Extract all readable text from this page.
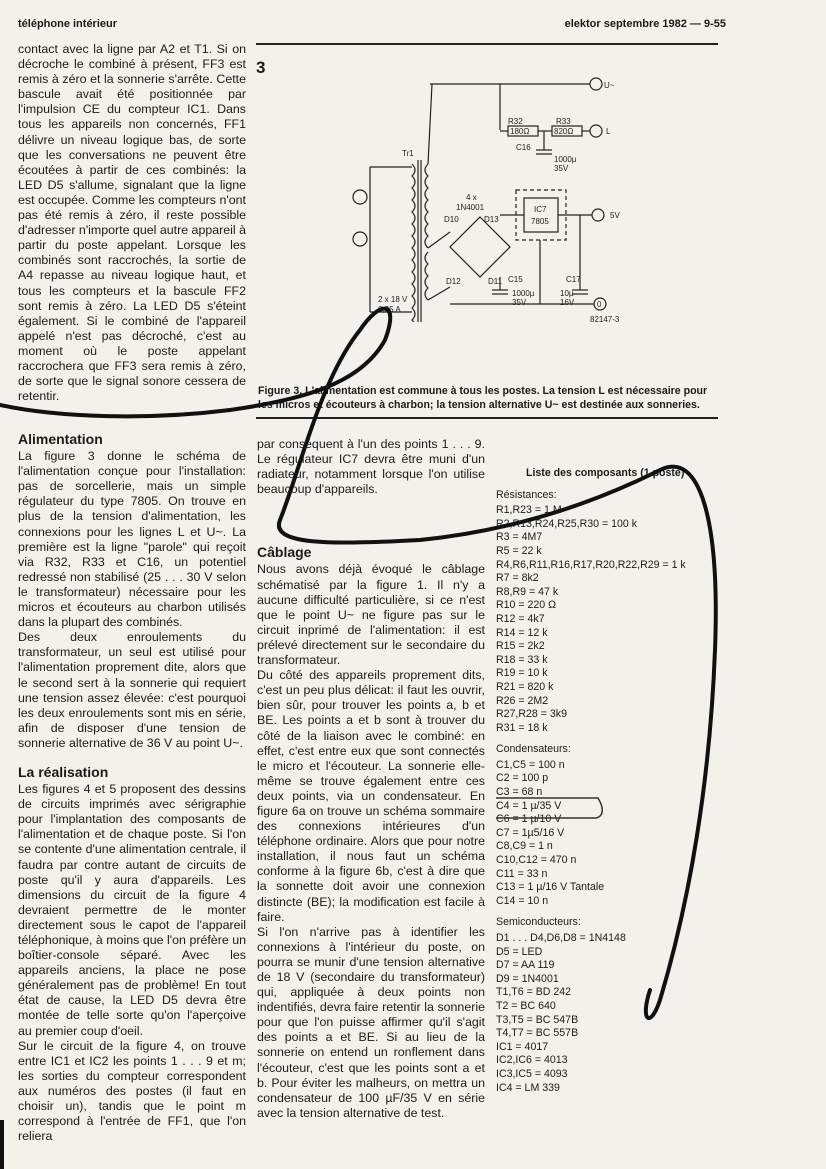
téléphone intérieur	elektor septembre 1982 — 9-55

contact avec la ligne par A2 et T1. Si on décroche le combiné à présent, FF3 est remis à zéro et la sonnerie s'arrête. Cette bascule avait été positionnée par l'impulsion CE du compteur IC1. Dans tous les appareils non concernés, FF1 délivre un niveau logique bas, de sorte que les conversations ne peuvent être écoutées à partir de ces combinés: la LED D5 s'allume, signalant que la ligne est occupée. Comme les compteurs n'ont pas été remis à zéro, il reste possible d'adresser n'importe quel autre appareil à partir du poste appelant. Lorsque les combinés sont raccrochés, la sortie de A4 repasse au niveau logique haut, et tous les compteurs et la bascule FF2 sont remis à zéro. La LED D5 s'éteint également. Si le combiné de l'appareil appelé n'est pas décroché, c'est au moment où le poste appelant raccrochera que FF3 sera remis à zéro, de sorte que le signal sonore cessera de retentir.

3
U~
Tr1
2 x 18 V
0,25 A
4 x
1N4001
D10	D13
D12	D11
R32
180Ω
R33
820Ω	L
C16
1000µ
35V
IC7
7805
5V
C15
1000µ
35V
C17
10µ
16V	0
82147-3
Figure 3. L'alimentation est commune à tous les postes. La tension L est nécessaire pour les micros et écouteurs à charbon; la tension alternative U~ est destinée aux sonneries.
Alimentation

La figure 3 donne le schéma de l'alimentation conçue pour l'installation: pas de sorcellerie, mais un simple régulateur du type 7805. On trouve en plus de la tension d'alimentation, les connexions pour les lignes L et U~. La première est la ligne "parole" qui reçoit via R32, R33 et C16, un potentiel redressé non stabilisé (25 . . . 30 V selon le transformateur) nécessaire pour les micros et écouteurs au charbon utilisés dans la plupart des combinés.

Des deux enroulements du transformateur, un seul est utilisé pour l'alimentation proprement dite, alors que le second sert à la sonnerie qui requiert une tension assez élevée: c'est pourquoi les deux enroulements sont mis en série, afin de disposer d'une tension de sonnerie alternative de 36 V au point U~.

La réalisation

Les figures 4 et 5 proposent des dessins de circuits imprimés avec sérigraphie pour l'implantation des composants de l'alimentation et de chaque poste. Si l'on se contente d'une alimentation centrale, il faudra par contre autant de circuits de poste qu'il y aura d'appareils. Les dimensions du circuit de la figure 4 devraient permettre de le monter directement sous le capot de l'appareil téléphonique, à moins que l'on préfère un boîtier-console séparé. Avec les appareils anciens, la place ne pose généralement pas de problème! En tout état de cause, la LED D5 devra être montée de telle sorte qu'on l'aperçoive au premier coup d'oeil.

Sur le circuit de la figure 4, on trouve entre IC1 et IC2 les points 1 . . . 9 et m; les sorties du compteur correspondent aux numéros des postes (il faut en choisir un), tandis que le point m correspond à l'entrée de FF1, que l'on reliera

par conséquent à l'un des points 1 . . . 9. Le régulateur IC7 devra être muni d'un radiateur, notamment lorsque l'on utilise beaucoup d'appareils.

Câblage

Nous avons déjà évoqué le câblage schématisé par la figure 1. Il n'y a aucune difficulté particulière, si ce n'est que le point U~ ne figure pas sur le circuit inprimé de l'alimentation: il est prélevé directement sur le secondaire du transformateur.

Du côté des appareils proprement dits, c'est un peu plus délicat: il faut les ouvrir, bien sûr, pour trouver les points a, b et BE. Les points a et b sont à trouver du côté de la liaison avec le combiné: en effet, c'est entre eux que sont connectés le micro et l'écouteur. La sonnerie elle-même se trouve également entre ces deux points, via un condensateur. En figure 6a on trouve un schéma sommaire des connexions intérieures d'un téléphone ordinaire. Alors que pour notre installation, il nous faut un schéma conforme à la figure 6b, c'est à dire que la sonnette doit avoir une connexion distincte (BE); la modification est facile à faire.

Si l'on n'arrive pas à identifier les connexions à l'intérieur du poste, on pourra se munir d'une tension alternative de 18 V (secondaire du transformateur) qui, appliquée à deux points non indentifiés, devra faire retentir la sonnerie pour que l'on puisse affirmer qu'il s'agit des points a et BE. Si au lieu de la sonnerie on entend un ronflement dans l'écouteur, c'est que les points sont a et b. Pour éviter les malheurs, on mettra un condensateur de 100 µF/35 V en série avec la tension alternative de test.

Liste des composants (1 poste)
Résistances:
R1,R23 = 1 M
R2,R13,R24,R25,R30 = 100 k
R3 = 4M7
R5 = 22 k
R4,R6,R11,R16,R17,R20,R22,R29 = 1 k
R7 = 8k2
R8,R9 = 47 k
R10 = 220 Ω
R12 = 4k7
R14 = 12 k
R15 = 2k2
R18 = 33 k
R19 = 10 k
R21 = 820 k
R26 = 2M2
R27,R28 = 3k9
R31 = 18 k
Condensateurs:
C1,C5 = 100 n
C2 = 100 p
C3 = 68 n
C4 = 1 µ/35 V
C6 = 1 µ/10 V
C7 = 1µ5/16 V
C8,C9 = 1 n
C10,C12 = 470 n
C11 = 33 n
C13 = 1 µ/16 V Tantale
C14 = 10 n
Semiconducteurs:
D1 . . . D4,D6,D8 = 1N4148
D5 = LED
D7 = AA 119
D9 = 1N4001
T1,T6 = BD 242
T2 = BC 640
T3,T5 = BC 547B
T4,T7 = BC 557B
IC1 = 4017
IC2,IC6 = 4013
IC3,IC5 = 4093
IC4 = LM 339
